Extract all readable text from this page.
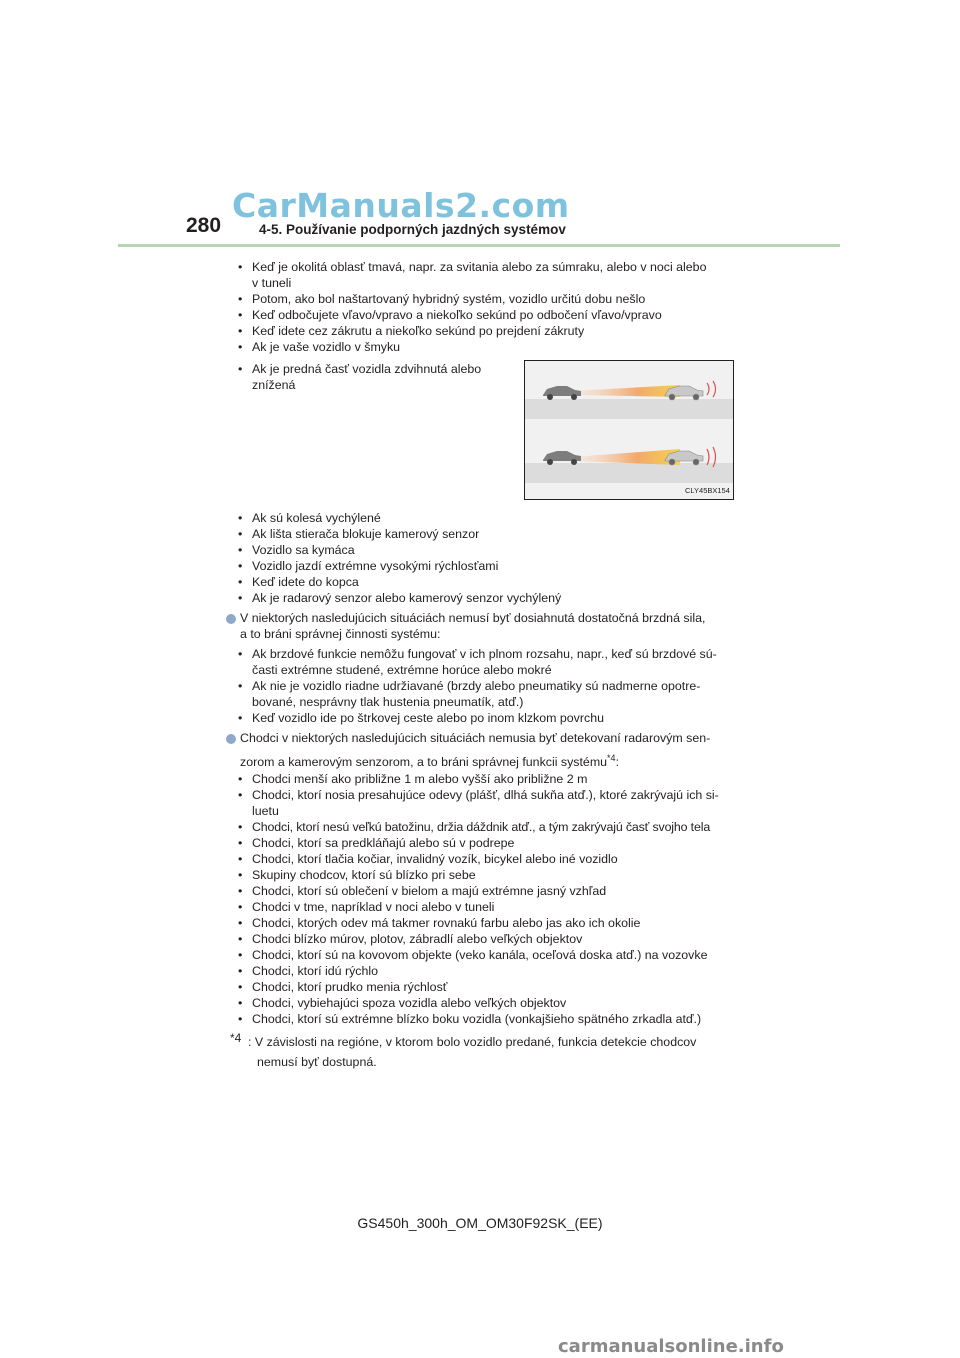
CarManuals2.com
280	4-5. Používanie podporných jazdných systémov
• Keď je okolitá oblasť tmavá, napr. za svitania alebo za súmraku, alebo v noci alebo
v tuneli
• Potom, ako bol naštartovaný hybridný systém, vozidlo určitú dobu nešlo
• Keď odbočujete vľavo/vpravo a niekoľko sekúnd po odbočení vľavo/vpravo
• Keď idete cez zákrutu a niekoľko sekúnd po prejdení zákruty
• Ak je vaše vozidlo v šmyku
• Ak je predná časť vozidla zdvihnutá alebo
znížená
CLY45BX154
• Ak sú kolesá vychýlené
• Ak lišta stierača blokuje kamerový senzor
• Vozidlo sa kymáca
• Vozidlo jazdí extrémne vysokými rýchlosťami
• Keď idete do kopca
• Ak je radarový senzor alebo kamerový senzor vychýlený
V niektorých nasledujúcich situáciách nemusí byť dosiahnutá dostatočná brzdná sila,
a to bráni správnej činnosti systému:
• Ak brzdové funkcie nemôžu fungovať v ich plnom rozsahu, napr., keď sú brzdové sú-
časti extrémne studené, extrémne horúce alebo mokré
• Ak nie je vozidlo riadne udržiavané (brzdy alebo pneumatiky sú nadmerne opotre-
bované, nesprávny tlak hustenia pneumatík, atď.)
• Keď vozidlo ide po štrkovej ceste alebo po inom klzkom povrchu
Chodci v niektorých nasledujúcich situáciách nemusia byť detekovaní radarovým sen-
zorom a kamerovým senzorom, a to bráni správnej funkcii systému$^{*4}$:
• Chodci menší ako približne 1 m alebo vyšší ako približne 2 m
• Chodci, ktorí nosia presahujúce odevy (plášť, dlhá sukňa atď.), ktoré zakrývajú ich si-
luetu
• Chodci, ktorí nesú veľkú batožinu, držia dáždnik atď., a tým zakrývajú časť svojho tela
• Chodci, ktorí sa predkláňajú alebo sú v podrepe
• Chodci, ktorí tlačia kočiar, invalidný vozík, bicykel alebo iné vozidlo
• Skupiny chodcov, ktorí sú blízko pri sebe
• Chodci, ktorí sú oblečení v bielom a majú extrémne jasný vzhľad
• Chodci v tme, napríklad v noci alebo v tuneli
• Chodci, ktorých odev má takmer rovnakú farbu alebo jas ako ich okolie
• Chodci blízko múrov, plotov, zábradlí alebo veľkých objektov
• Chodci, ktorí sú na kovovom objekte (veko kanála, oceľová doska atď.) na vozovke
• Chodci, ktorí idú rýchlo
• Chodci, ktorí prudko menia rýchlosť
• Chodci, vybiehajúci spoza vozidla alebo veľkých objektov
• Chodci, ktorí sú extrémne blízko boku vozidla (vonkajšieho spätného zrkadla atď.)
*4 : V závislosti na regióne, v ktorom bolo vozidlo predané, funkcia detekcie chodcov
nemusí byť dostupná.
GS450h_300h_OM_OM30F92SK_(EE)
carmanualsonline.info
